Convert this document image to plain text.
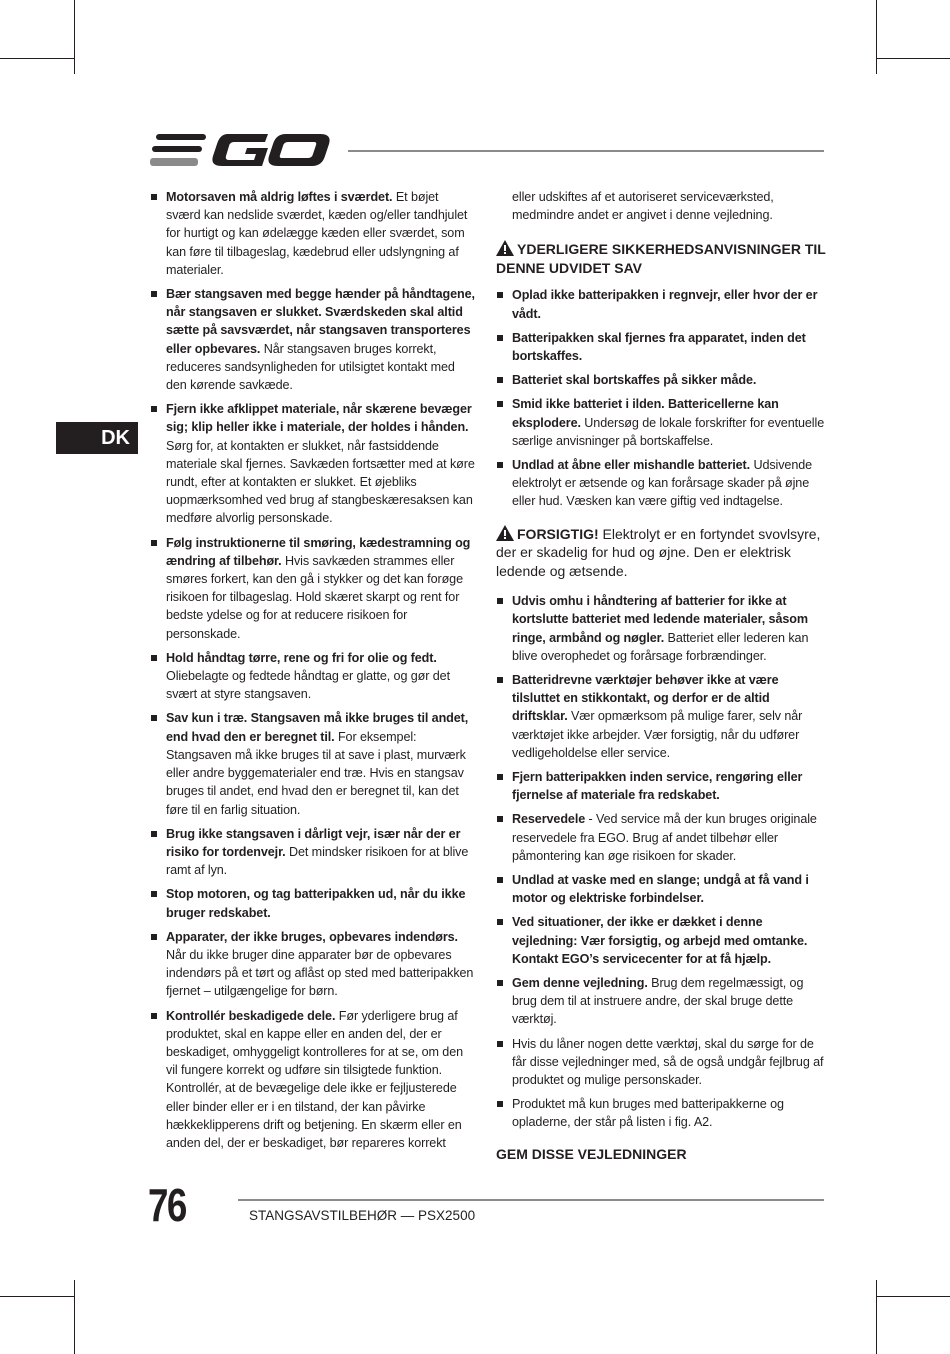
DK
Motorsaven må aldrig løftes i sværdet. Et bøjet sværd kan nedslide sværdet, kæden og/eller tandhjulet for hurtigt og kan ødelægge kæden eller sværdet, som kan føre til tilbageslag, kædebrud eller udslyngning af materialer.
Bær stangsaven med begge hænder på håndtagene, når stangsaven er slukket. Sværdskeden skal altid sætte på savsværdet, når stangsaven transporteres eller opbevares. Når stangsaven bruges korrekt, reduceres sandsynligheden for utilsigtet kontakt med den kørende savkæde.
Fjern ikke afklippet materiale, når skærene bevæger sig; klip heller ikke i materiale, der holdes i hånden. Sørg for, at kontakten er slukket, når fastsiddende materiale skal fjernes. Savkæden fortsætter med at køre rundt, efter at kontakten er slukket. Et øjebliks uopmærksomhed ved brug af stangbeskæresaksen kan medføre alvorlig personskade.
Følg instruktionerne til smøring, kædestramning og ændring af tilbehør. Hvis savkæden strammes eller smøres forkert, kan den gå i stykker og det kan forøge risikoen for tilbageslag. Hold skæret skarpt og rent for bedste ydelse og for at reducere risikoen for personskade.
Hold håndtag tørre, rene og fri for olie og fedt. Oliebelagte og fedtede håndtag er glatte, og gør det svært at styre stangsaven.
Sav kun i træ. Stangsaven må ikke bruges til andet, end hvad den er beregnet til. For eksempel: Stangsaven må ikke bruges til at save i plast, murværk eller andre byggematerialer end træ. Hvis en stangsav bruges til andet, end hvad den er beregnet til, kan det føre til en farlig situation.
Brug ikke stangsaven i dårligt vejr, især når der er risiko for tordenvejr. Det mindsker risikoen for at blive ramt af lyn.
Stop motoren, og tag batteripakken ud, når du ikke bruger redskabet.
Apparater, der ikke bruges, opbevares indendørs. Når du ikke bruger dine apparater bør de opbevares indendørs på et tørt og aflåst op sted med batteripakken fjernet – utilgængelige for børn.
Kontrollér beskadigede dele. Før yderligere brug af produktet, skal en kappe eller en anden del, der er beskadiget, omhyggeligt kontrolleres for at se, om den vil fungere korrekt og udføre sin tilsigtede funktion. Kontrollér, at de bevægelige dele ikke er fejljusterede eller binder eller er i en tilstand, der kan påvirke hækkeklipperens drift og betjening. En skærm eller en anden del, der er beskadiget, bør repareres korrekt

eller udskiftes af et autoriseret serviceværksted, medmindre andet er angivet i denne vejledning.

YDERLIGERE SIKKERHEDSANVISNINGER TIL DENNE UDVIDET SAV
Oplad ikke batteripakken i regnvejr, eller hvor der er vådt.
Batteripakken skal fjernes fra apparatet, inden det bortskaffes.
Batteriet skal bortskaffes på sikker måde.
Smid ikke batteriet i ilden. Battericellerne kan eksplodere. Undersøg de lokale forskrifter for eventuelle særlige anvisninger på bortskaffelse.
Undlad at åbne eller mishandle batteriet. Udsivende elektrolyt er ætsende og kan forårsage skader på øjne eller hud. Væsken kan være giftig ved indtagelse.

FORSIGTIG! Elektrolyt er en fortyndet svovlsyre, der er skadelig for hud og øjne. Den er elektrisk ledende og ætsende.

Udvis omhu i håndtering af batterier for ikke at kortslutte batteriet med ledende materialer, såsom ringe, armbånd og nøgler. Batteriet eller lederen kan blive overophedet og forårsage forbrændinger.
Batteridrevne værktøjer behøver ikke at være tilsluttet en stikkontakt, og derfor er de altid driftsklar. Vær opmærksom på mulige farer, selv når værktøjet ikke arbejder. Vær forsigtig, når du udfører vedligeholdelse eller service.
Fjern batteripakken inden service, rengøring eller fjernelse af materiale fra redskabet.
Reservedele - Ved service må der kun bruges originale reservedele fra EGO. Brug af andet tilbehør eller påmontering kan øge risikoen for skader.
Undlad at vaske med en slange; undgå at få vand i motor og elektriske forbindelser.
Ved situationer, der ikke er dækket i denne vejledning: Vær forsigtig, og arbejd med omtanke. Kontakt EGO’s servicecenter for at få hjælp.
Gem denne vejledning. Brug dem regelmæssigt, og brug dem til at instruere andre, der skal bruge dette værktøj.
Hvis du låner nogen dette værktøj, skal du sørge for de får disse vejledninger med, så de også undgår fejlbrug af produktet og mulige personskader.
Produktet må kun bruges med batteripakkerne og opladerne, der står på listen i fig. A2.
GEM DISSE VEJLEDNINGER
76	STANGSAVSTILBEHØR — PSX2500
